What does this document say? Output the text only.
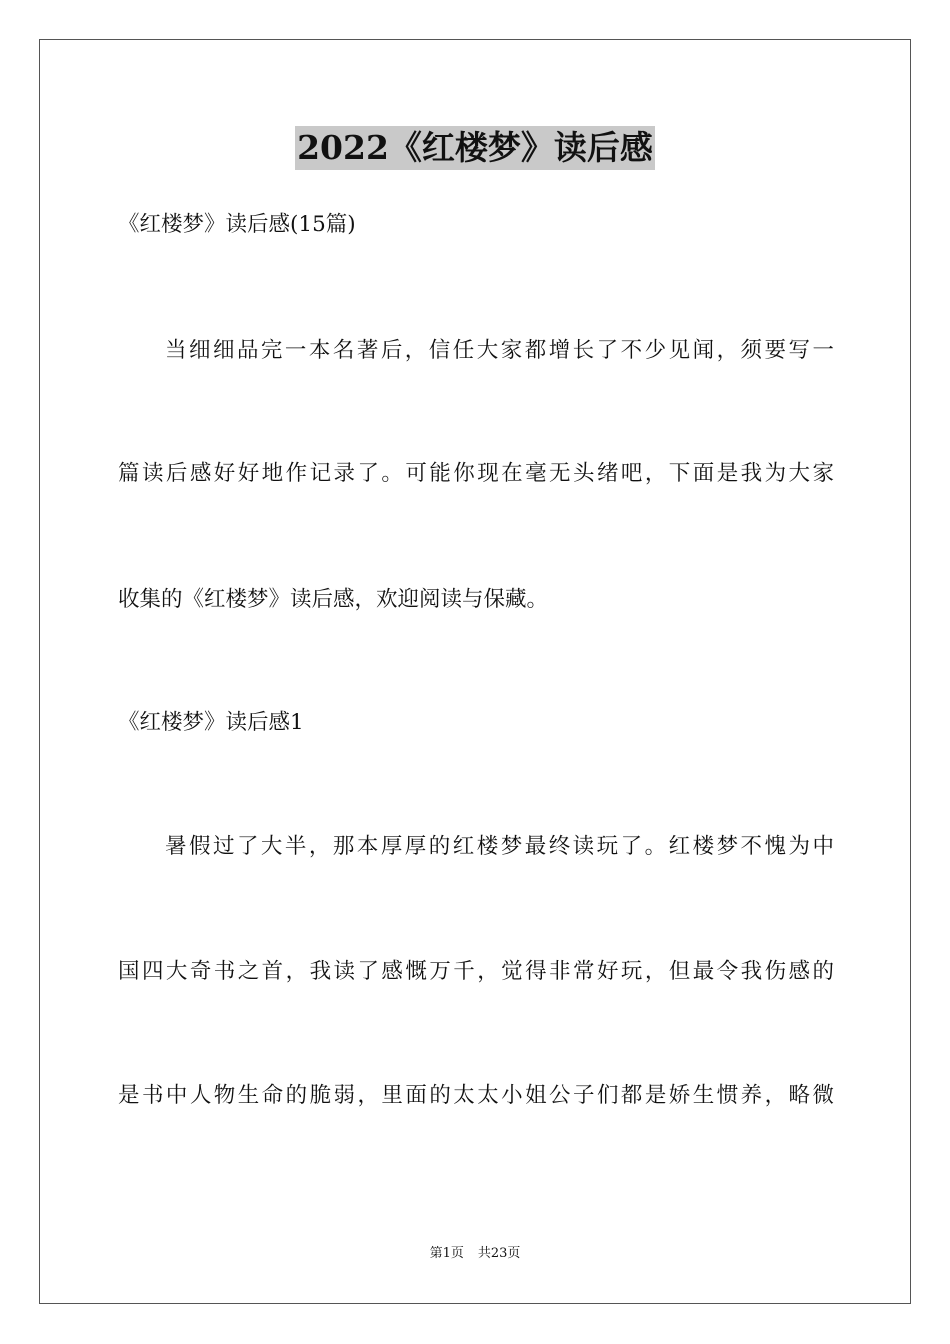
2022《红楼梦》读后感
《红楼梦》读后感(15篇)
当细细品完一本名著后，信任大家都增长了不少见闻，须要写一
篇读后感好好地作记录了。可能你现在毫无头绪吧，下面是我为大家
收集的《红楼梦》读后感，欢迎阅读与保藏。
《红楼梦》读后感1
暑假过了大半，那本厚厚的红楼梦最终读玩了。红楼梦不愧为中
国四大奇书之首，我读了感慨万千，觉得非常好玩，但最令我伤感的
是书中人物生命的脆弱，里面的太太小姐公子们都是娇生惯养，略微
第1页 共23页
